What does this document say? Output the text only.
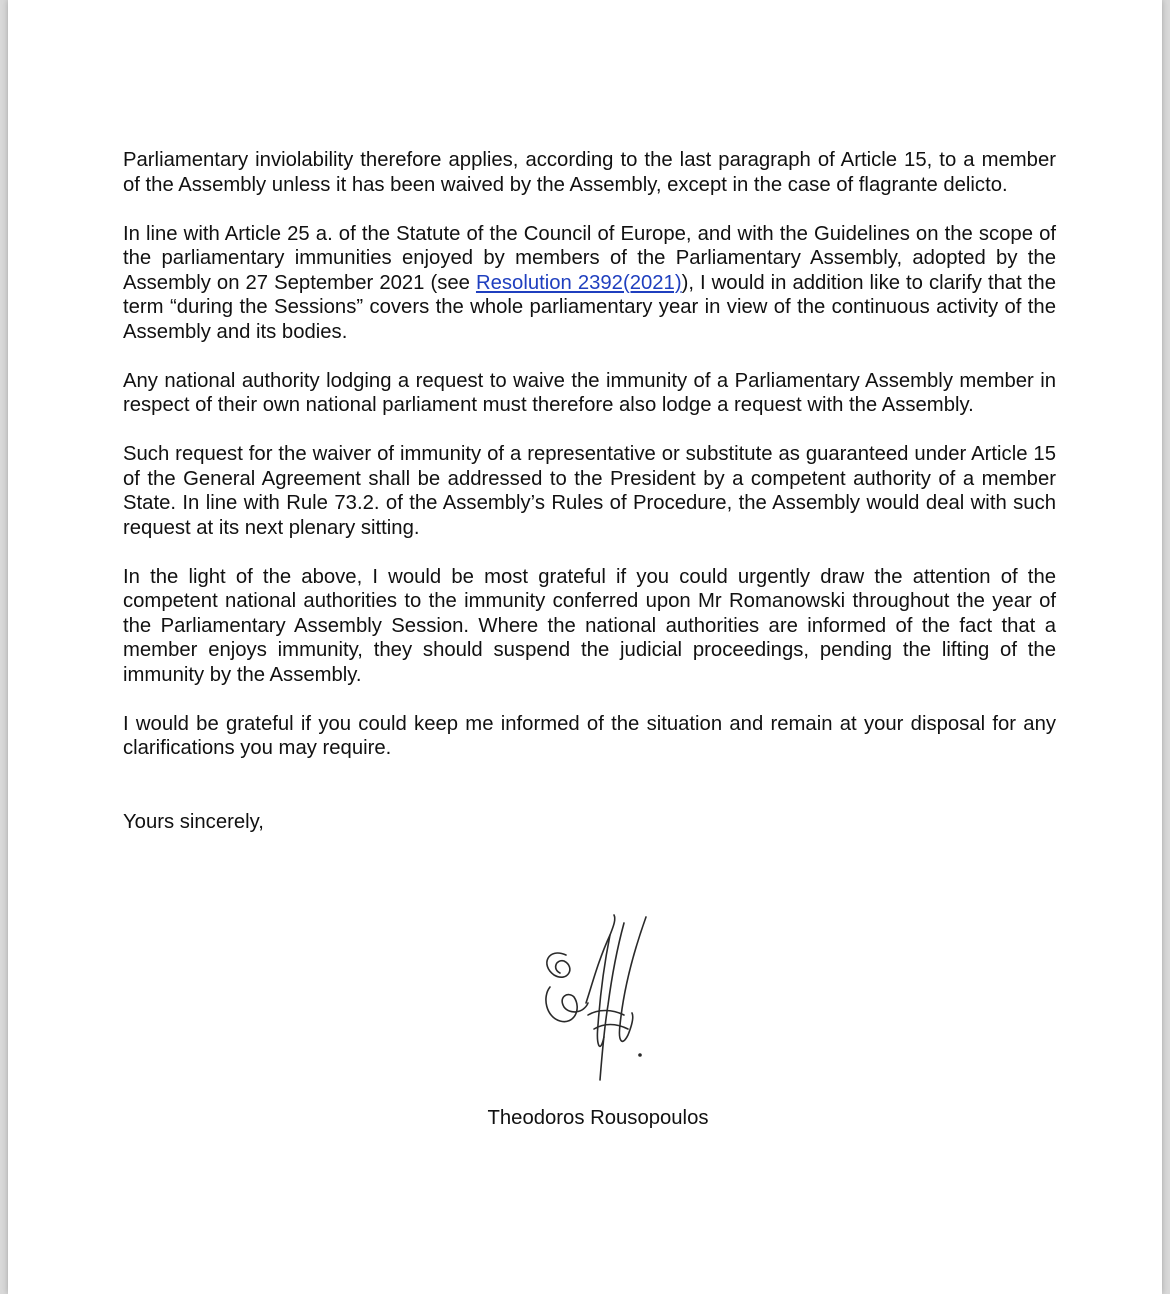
Parliamentary inviolability therefore applies, according to the last paragraph of Article 15, to a member of the Assembly unless it has been waived by the Assembly, except in the case of flagrante delicto.

In line with Article 25 a. of the Statute of the Council of Europe, and with the Guidelines on the scope of the parliamentary immunities enjoyed by members of the Parliamentary Assembly, adopted by the Assembly on 27 September 2021 (see Resolution 2392(2021)), I would in addition like to clarify that the term “during the Sessions” covers the whole parliamentary year in view of the continuous activity of the Assembly and its bodies.

Any national authority lodging a request to waive the immunity of a Parliamentary Assembly member in respect of their own national parliament must therefore also lodge a request with the Assembly.

Such request for the waiver of immunity of a representative or substitute as guaranteed under Article 15 of the General Agreement shall be addressed to the President by a competent authority of a member State. In line with Rule 73.2. of the Assembly’s Rules of Procedure, the Assembly would deal with such request at its next plenary sitting.

In the light of the above, I would be most grateful if you could urgently draw the attention of the competent national authorities to the immunity conferred upon Mr Romanowski throughout the year of the Parliamentary Assembly Session. Where the national authorities are informed of the fact that a member enjoys immunity, they should suspend the judicial proceedings, pending the lifting of the immunity by the Assembly.

I would be grateful if you could keep me informed of the situation and remain at your disposal for any clarifications you may require.

Yours sincerely,

Theodoros Rousopoulos
